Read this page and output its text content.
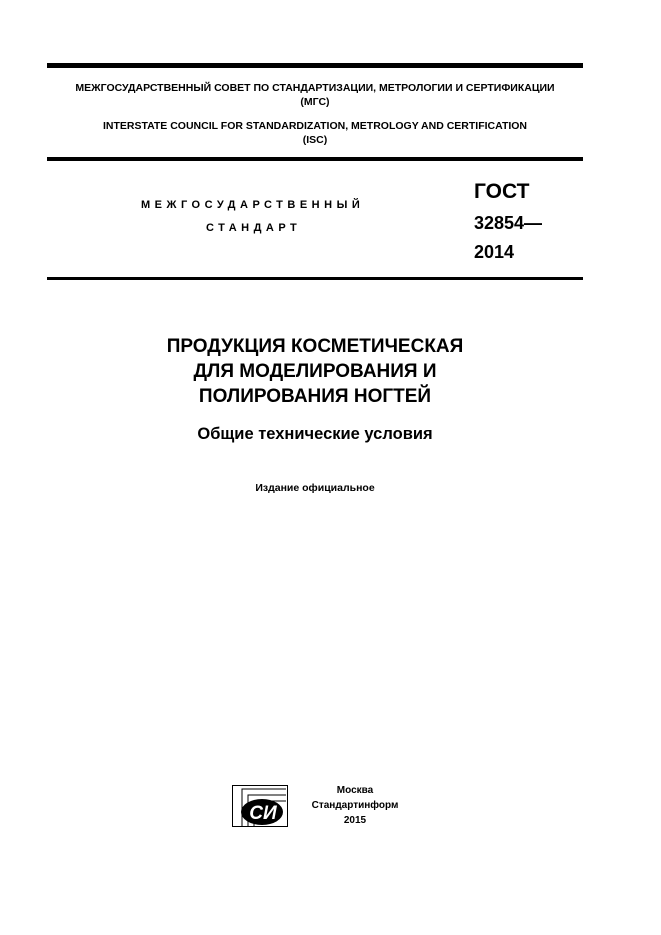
МЕЖГОСУДАРСТВЕННЫЙ СОВЕТ ПО СТАНДАРТИЗАЦИИ, МЕТРОЛОГИИ И СЕРТИФИКАЦИИ
(МГС)
INTERSTATE COUNCIL FOR STANDARDIZATION, METROLOGY AND CERTIFICATION
(ISC)
МЕЖГОСУДАРСТВЕННЫЙ
СТАНДАРТ
ГОСТ
32854—
2014
ПРОДУКЦИЯ КОСМЕТИЧЕСКАЯ
ДЛЯ МОДЕЛИРОВАНИЯ И
ПОЛИРОВАНИЯ НОГТЕЙ
Общие технические условия
Издание официальное
СИ
Москва
Стандартинформ
2015
